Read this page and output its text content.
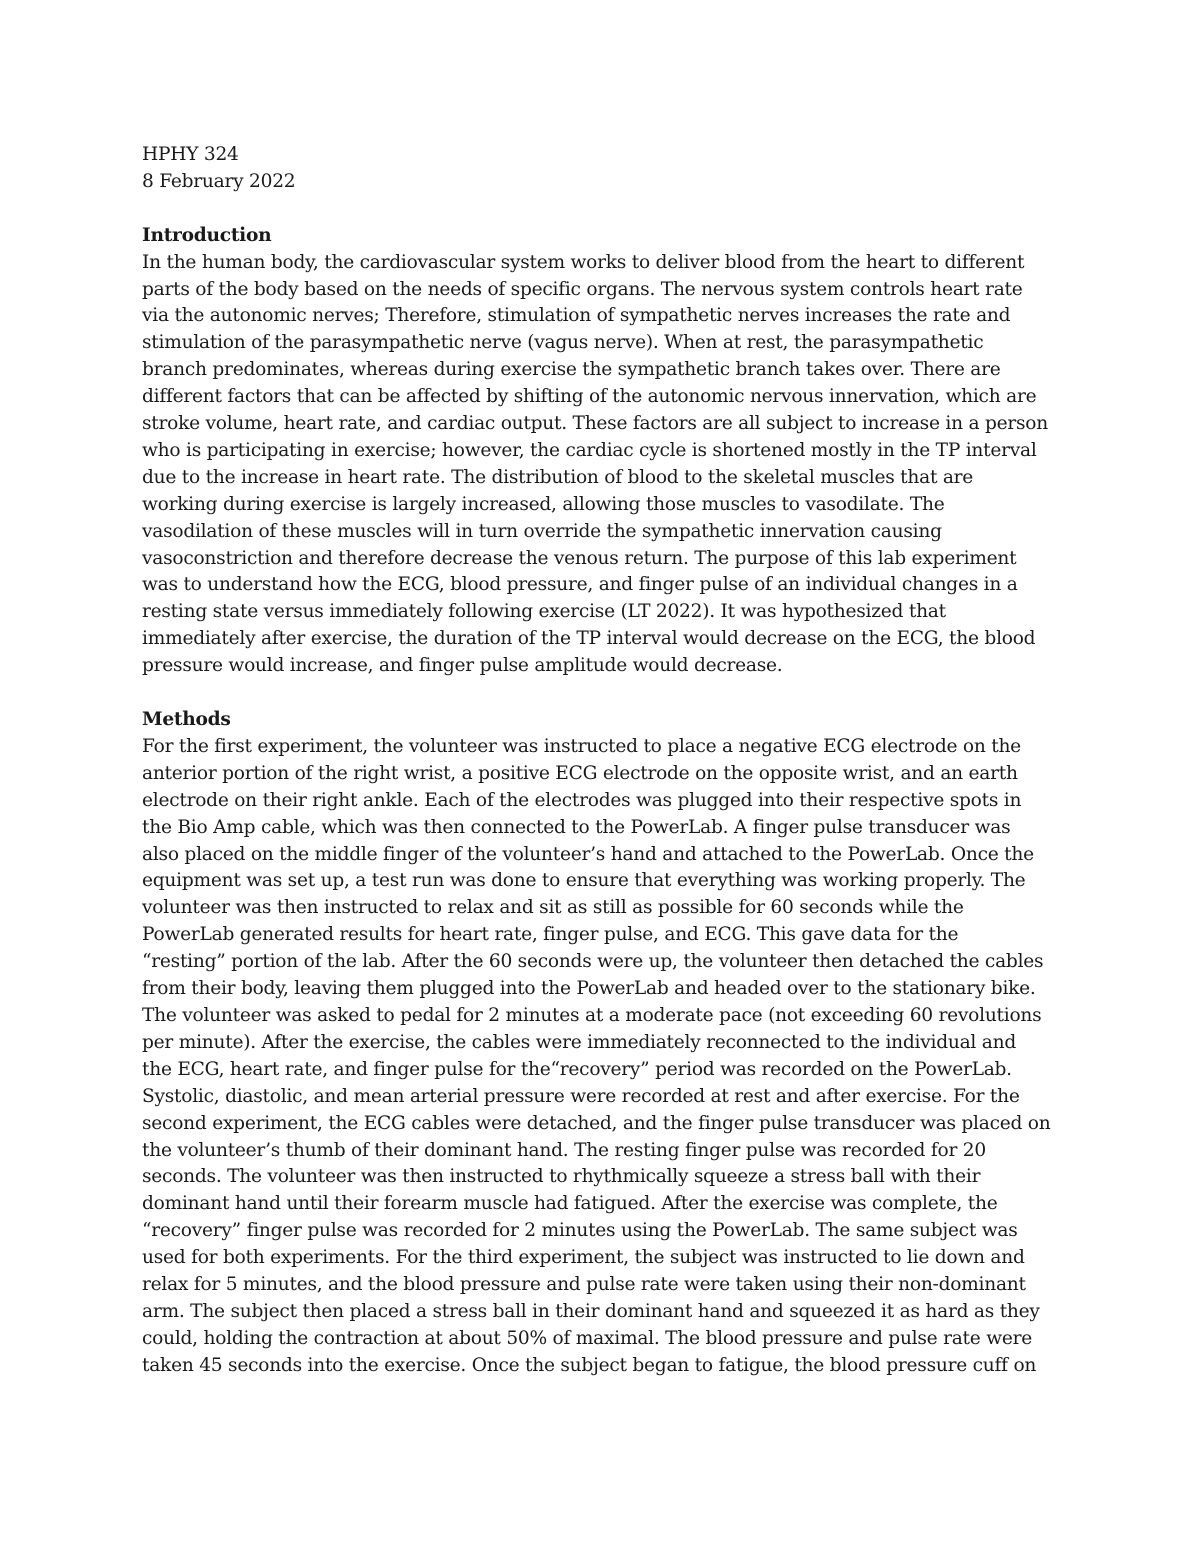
HPHY 324
8 February 2022
Introduction
In the human body, the cardiovascular system works to deliver blood from the heart to different
parts of the body based on the needs of specific organs. The nervous system controls heart rate
via the autonomic nerves; Therefore, stimulation of sympathetic nerves increases the rate and
stimulation of the parasympathetic nerve (vagus nerve). When at rest, the parasympathetic
branch predominates, whereas during exercise the sympathetic branch takes over. There are
different factors that can be affected by shifting of the autonomic nervous innervation, which are
stroke volume, heart rate, and cardiac output. These factors are all subject to increase in a person
who is participating in exercise; however, the cardiac cycle is shortened mostly in the TP interval
due to the increase in heart rate. The distribution of blood to the skeletal muscles that are
working during exercise is largely increased, allowing those muscles to vasodilate. The
vasodilation of these muscles will in turn override the sympathetic innervation causing
vasoconstriction and therefore decrease the venous return. The purpose of this lab experiment
was to understand how the ECG, blood pressure, and finger pulse of an individual changes in a
resting state versus immediately following exercise (LT 2022). It was hypothesized that
immediately after exercise, the duration of the TP interval would decrease on the ECG, the blood
pressure would increase, and finger pulse amplitude would decrease.
Methods
For the first experiment, the volunteer was instructed to place a negative ECG electrode on the
anterior portion of the right wrist, a positive ECG electrode on the opposite wrist, and an earth
electrode on their right ankle. Each of the electrodes was plugged into their respective spots in
the Bio Amp cable, which was then connected to the PowerLab. A finger pulse transducer was
also placed on the middle finger of the volunteer’s hand and attached to the PowerLab. Once the
equipment was set up, a test run was done to ensure that everything was working properly. The
volunteer was then instructed to relax and sit as still as possible for 60 seconds while the
PowerLab generated results for heart rate, finger pulse, and ECG. This gave data for the
“resting” portion of the lab. After the 60 seconds were up, the volunteer then detached the cables
from their body, leaving them plugged into the PowerLab and headed over to the stationary bike.
The volunteer was asked to pedal for 2 minutes at a moderate pace (not exceeding 60 revolutions
per minute). After the exercise, the cables were immediately reconnected to the individual and
the ECG, heart rate, and finger pulse for the“recovery” period was recorded on the PowerLab.
Systolic, diastolic, and mean arterial pressure were recorded at rest and after exercise. For the
second experiment, the ECG cables were detached, and the finger pulse transducer was placed on
the volunteer’s thumb of their dominant hand. The resting finger pulse was recorded for 20
seconds. The volunteer was then instructed to rhythmically squeeze a stress ball with their
dominant hand until their forearm muscle had fatigued. After the exercise was complete, the
“recovery” finger pulse was recorded for 2 minutes using the PowerLab. The same subject was
used for both experiments. For the third experiment, the subject was instructed to lie down and
relax for 5 minutes, and the blood pressure and pulse rate were taken using their non-dominant
arm. The subject then placed a stress ball in their dominant hand and squeezed it as hard as they
could, holding the contraction at about 50% of maximal. The blood pressure and pulse rate were
taken 45 seconds into the exercise. Once the subject began to fatigue, the blood pressure cuff on
